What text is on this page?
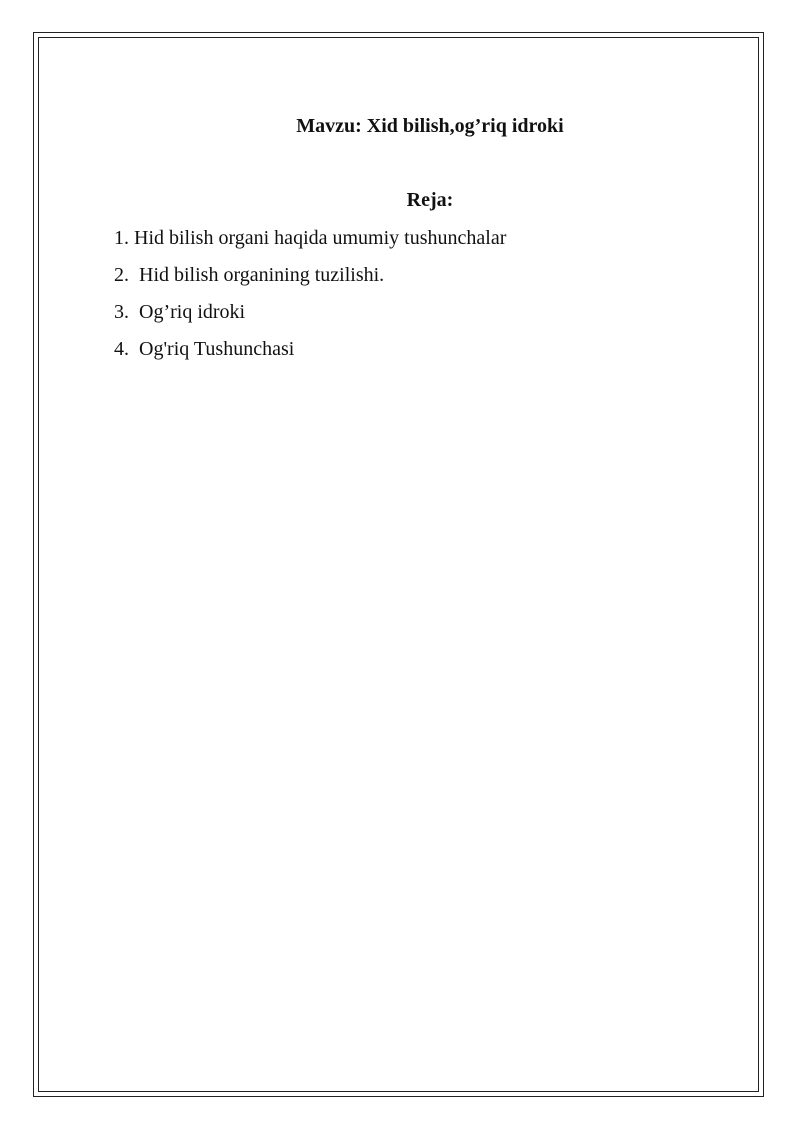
Mavzu: Xid bilish,og’riq idroki
Reja:
1. Hid bilish organi haqida umumiy tushunchalar
2. Hid bilish organining tuzilishi.
3. Og’riq idroki
4. Og'riq Tushunchasi
